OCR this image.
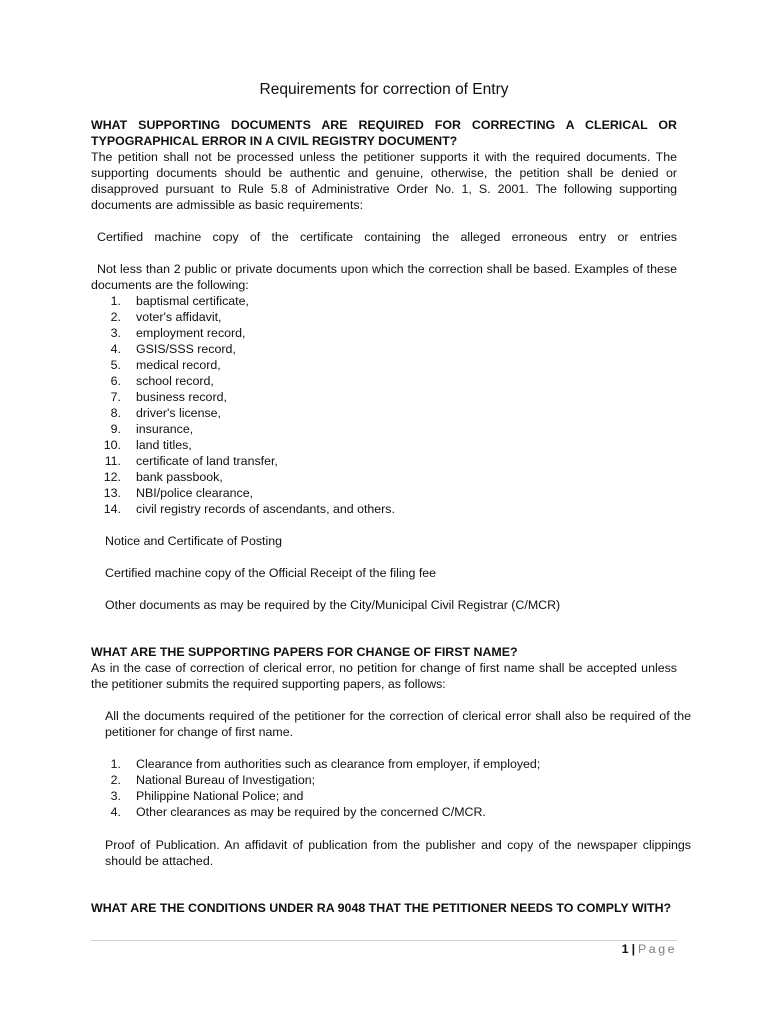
Requirements for correction of Entry
WHAT SUPPORTING DOCUMENTS ARE REQUIRED FOR CORRECTING A CLERICAL OR TYPOGRAPHICAL ERROR IN A CIVIL REGISTRY DOCUMENT?
The petition shall not be processed unless the petitioner supports it with the required documents. The supporting documents should be authentic and genuine, otherwise, the petition shall be denied or disapproved pursuant to Rule 5.8 of Administrative Order No. 1, S. 2001. The following supporting documents are admissible as basic requirements:
Certified machine copy of the certificate containing the alleged erroneous entry or entries
Not less than 2 public or private documents upon which the correction shall be based. Examples of these documents are the following:
1. baptismal certificate,
2. voter's affidavit,
3. employment record,
4. GSIS/SSS record,
5. medical record,
6. school record,
7. business record,
8. driver's license,
9. insurance,
10. land titles,
11. certificate of land transfer,
12. bank passbook,
13. NBI/police clearance,
14. civil registry records of ascendants, and others.
Notice and Certificate of Posting
Certified machine copy of the Official Receipt of the filing fee
Other documents as may be required by the City/Municipal Civil Registrar (C/MCR)
WHAT ARE THE SUPPORTING PAPERS FOR CHANGE OF FIRST NAME?
As in the case of correction of clerical error, no petition for change of first name shall be accepted unless the petitioner submits the required supporting papers, as follows:
All the documents required of the petitioner for the correction of clerical error shall also be required of the petitioner for change of first name.
1. Clearance from authorities such as clearance from employer, if employed;
2. National Bureau of Investigation;
3. Philippine National Police; and
4. Other clearances as may be required by the concerned C/MCR.
Proof of Publication. An affidavit of publication from the publisher and copy of the newspaper clippings should be attached.
WHAT ARE THE CONDITIONS UNDER RA 9048 THAT THE PETITIONER NEEDS TO COMPLY WITH?
1 | Page
